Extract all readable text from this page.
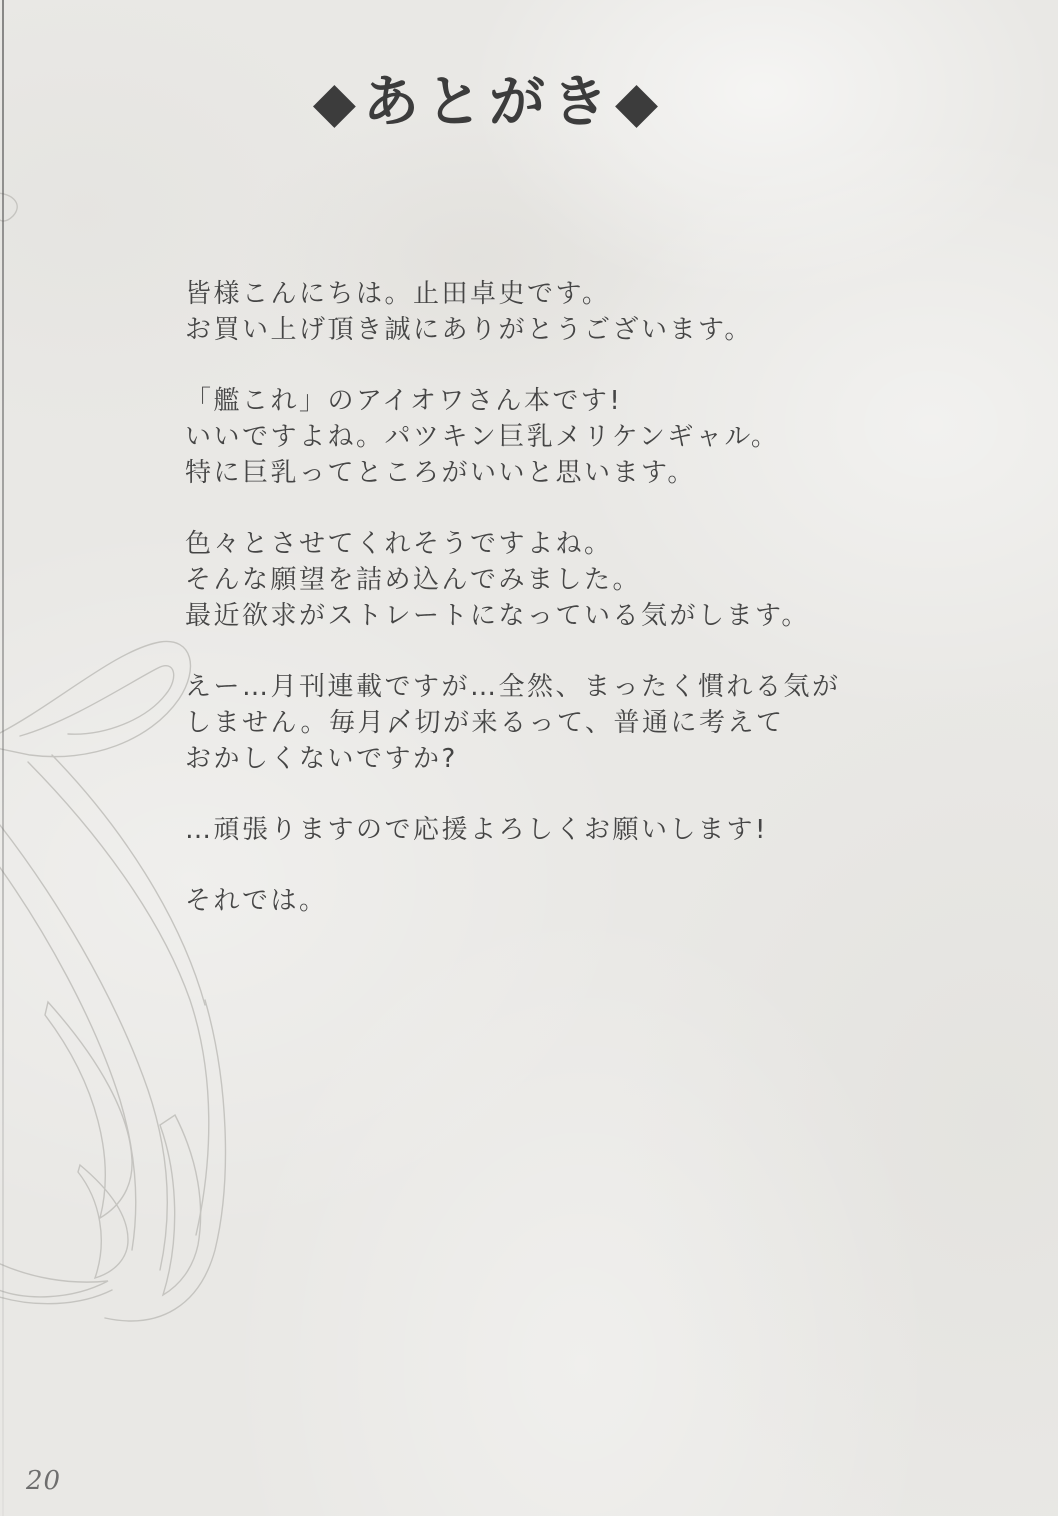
◆あとがき◆

皆様こんにちは。止田卓史です。
お買い上げ頂き誠にありがとうございます。

「艦これ」のアイオワさん本です!
いいですよね。パツキン巨乳メリケンギャル。
特に巨乳ってところがいいと思います。

色々とさせてくれそうですよね。
そんな願望を詰め込んでみました。
最近欲求がストレートになっている気がします。

えー…月刊連載ですが…全然、まったく慣れる気が
しません。毎月〆切が来るって、普通に考えて
おかしくないですか?

…頑張りますので応援よろしくお願いします!

それでは。

20
